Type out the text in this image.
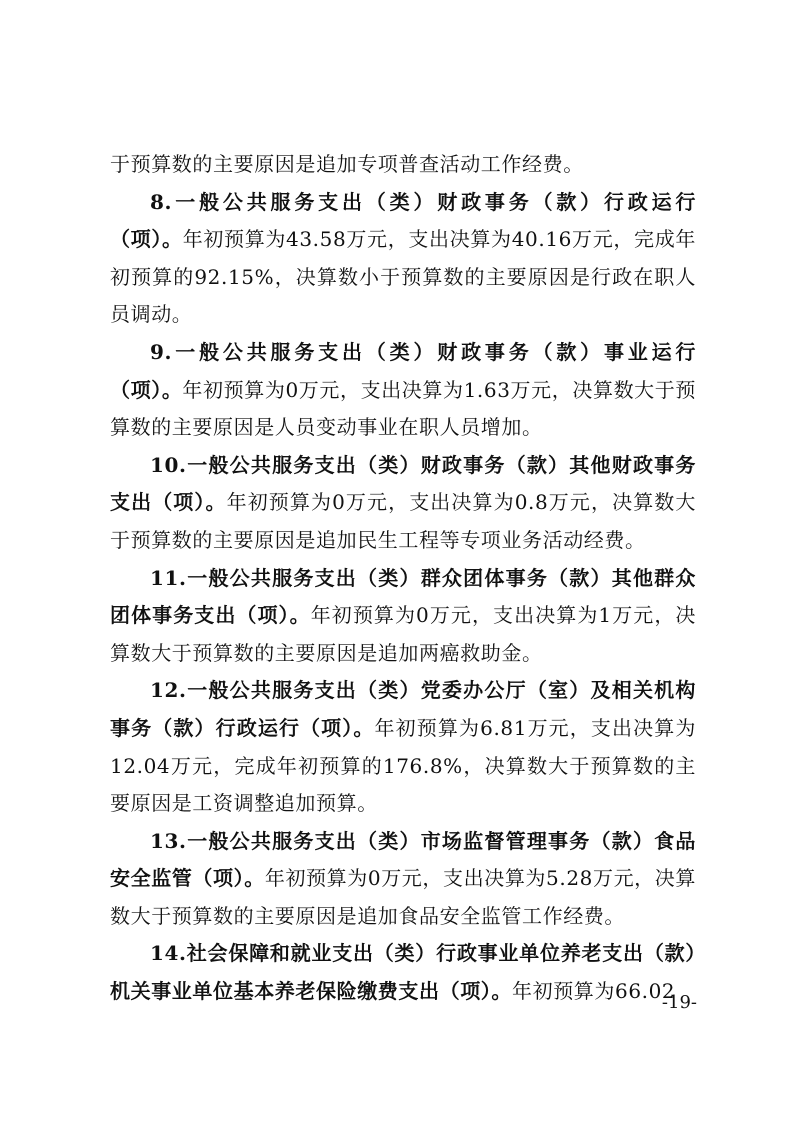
于预算数的主要原因是追加专项普查活动工作经费。

8.一般公共服务支出（类）财政事务（款）行政运行（项）。年初预算为43.58万元，支出决算为40.16万元，完成年初预算的92.15%，决算数小于预算数的主要原因是行政在职人员调动。

9.一般公共服务支出（类）财政事务（款）事业运行（项）。年初预算为0万元，支出决算为1.63万元，决算数大于预算数的主要原因是人员变动事业在职人员增加。

10.一般公共服务支出（类）财政事务（款）其他财政事务支出（项）。年初预算为0万元，支出决算为0.8万元，决算数大于预算数的主要原因是追加民生工程等专项业务活动经费。

11.一般公共服务支出（类）群众团体事务（款）其他群众团体事务支出（项）。年初预算为0万元，支出决算为1万元，决算数大于预算数的主要原因是追加两癌救助金。

12.一般公共服务支出（类）党委办公厅（室）及相关机构事务（款）行政运行（项）。年初预算为6.81万元，支出决算为12.04万元，完成年初预算的176.8%，决算数大于预算数的主要原因是工资调整追加预算。

13.一般公共服务支出（类）市场监督管理事务（款）食品安全监管（项）。年初预算为0万元，支出决算为5.28万元，决算数大于预算数的主要原因是追加食品安全监管工作经费。

14.社会保障和就业支出（类）行政事业单位养老支出（款）机关事业单位基本养老保险缴费支出（项）。年初预算为66.02

-19-
